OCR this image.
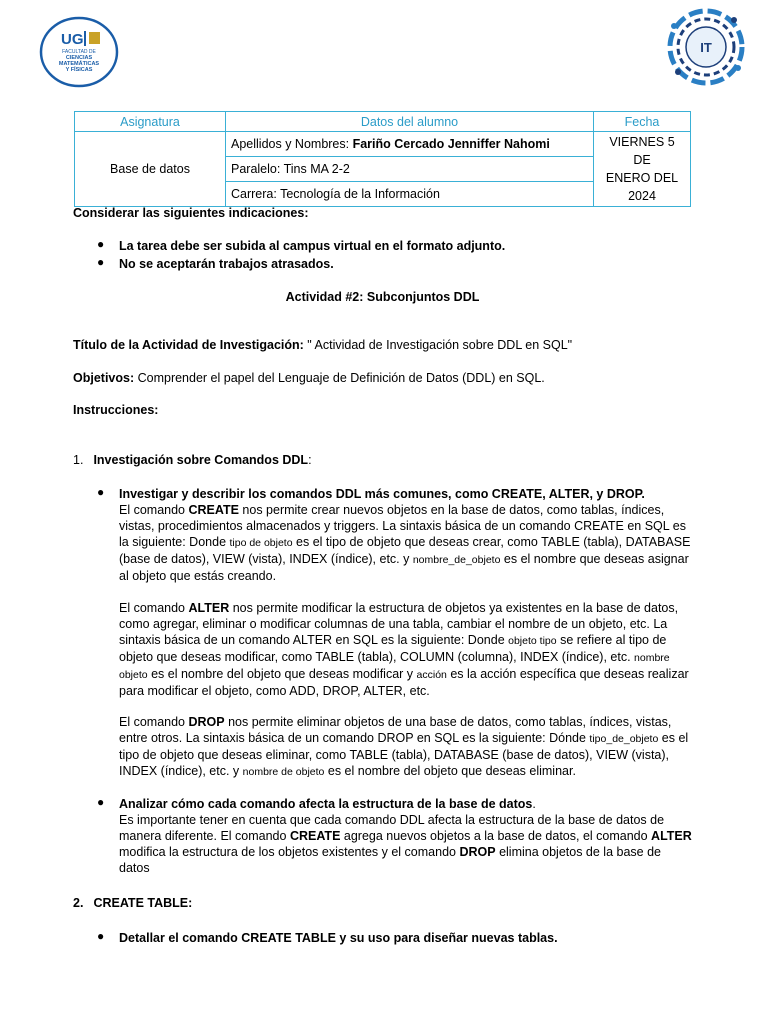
UG
FACULTAD DE
CIENCIAS
MATEMÁTICAS
Y FÍSICAS
IT
Asignatura	Datos del alumno	Fecha
Base de datos	Apellidos y Nombres: Fariño Cercado Jenniffer Nahomi	VIERNES 5 DE
ENERO DEL 2024
	Paralelo: Tins MA 2-2	
	Carrera: Tecnología de la Información	
Considerar las siguientes indicaciones:
● La tarea debe ser subida al campus virtual en el formato adjunto.
● No se aceptarán trabajos atrasados.
Actividad #2: Subconjuntos DDL
Título de la Actividad de Investigación: " Actividad de Investigación sobre DDL en SQL"
Objetivos: Comprender el papel del Lenguaje de Definición de Datos (DDL) en SQL.
Instrucciones:
1. Investigación sobre Comandos DDL:
● Investigar y describir los comandos DDL más comunes, como CREATE, ALTER, y DROP.
El comando CREATE nos permite crear nuevos objetos en la base de datos, como tablas, índices, vistas, procedimientos almacenados y triggers. La sintaxis básica de un comando CREATE en SQL es la siguiente: Donde tipo de objeto es el tipo de objeto que deseas crear, como TABLE (tabla), DATABASE (base de datos), VIEW (vista), INDEX (índice), etc. y nombre_de_objeto es el nombre que deseas asignar al objeto que estás creando.
El comando ALTER nos permite modificar la estructura de objetos ya existentes en la base de datos, como agregar, eliminar o modificar columnas de una tabla, cambiar el nombre de un objeto, etc. La sintaxis básica de un comando ALTER en SQL es la siguiente: Donde objeto tipo se refiere al tipo de objeto que deseas modificar, como TABLE (tabla), COLUMN (columna), INDEX (índice), etc. nombre objeto es el nombre del objeto que deseas modificar y acción es la acción específica que deseas realizar para modificar el objeto, como ADD, DROP, ALTER, etc.
El comando DROP nos permite eliminar objetos de una base de datos, como tablas, índices, vistas, entre otros. La sintaxis básica de un comando DROP en SQL es la siguiente: Dónde tipo_de_objeto es el tipo de objeto que deseas eliminar, como TABLE (tabla), DATABASE (base de datos), VIEW (vista), INDEX (índice), etc. y nombre de objeto es el nombre del objeto que deseas eliminar.
● Analizar cómo cada comando afecta la estructura de la base de datos.
Es importante tener en cuenta que cada comando DDL afecta la estructura de la base de datos de manera diferente. El comando CREATE agrega nuevos objetos a la base de datos, el comando ALTER modifica la estructura de los objetos existentes y el comando DROP elimina objetos de la base de datos
2. CREATE TABLE:
● Detallar el comando CREATE TABLE y su uso para diseñar nuevas tablas.
